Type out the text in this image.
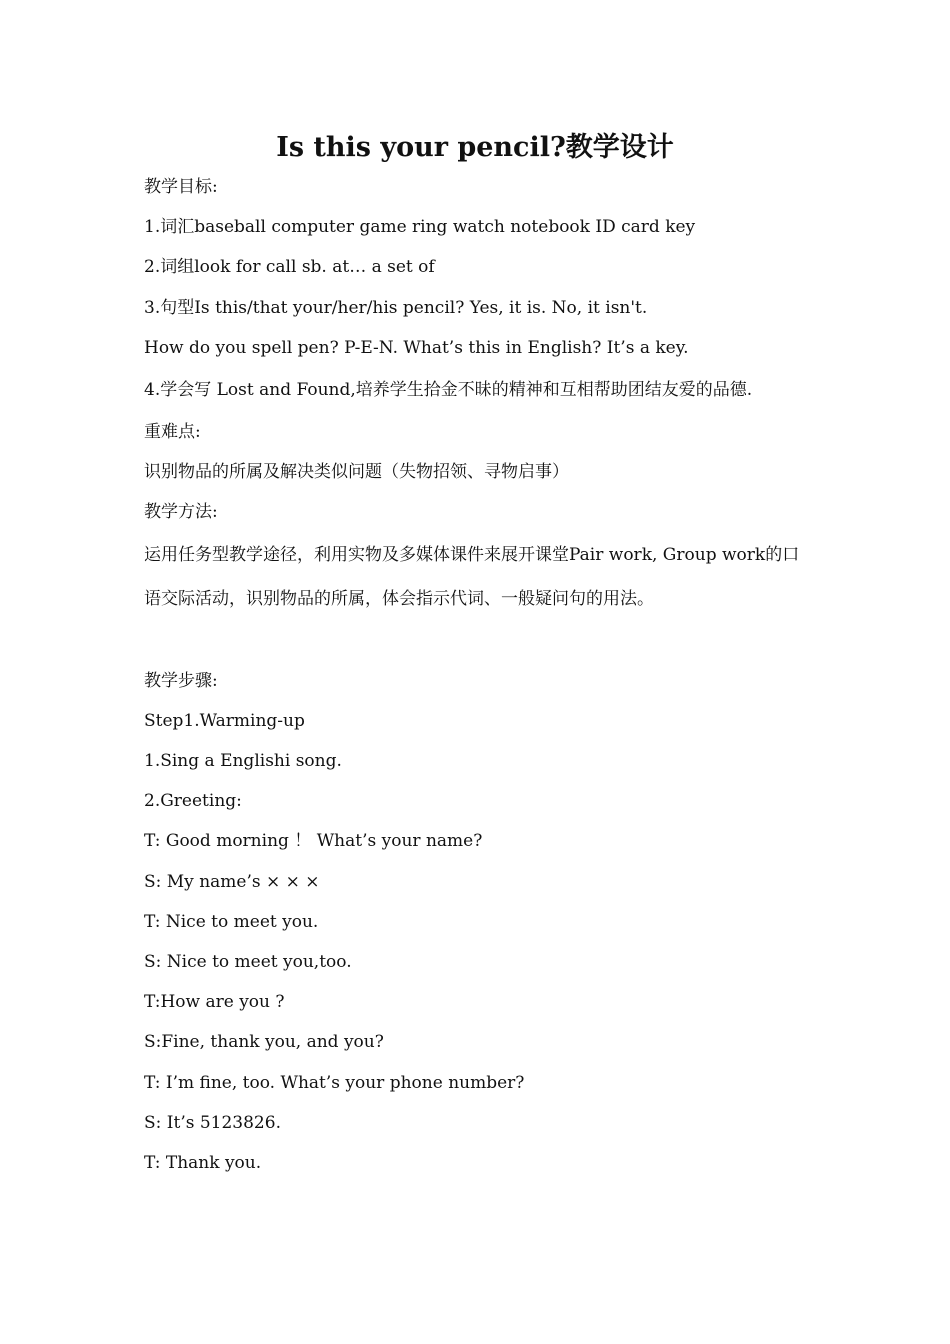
Is this your pencil?教学设计
教学目标:
1.词汇baseball computer game ring watch notebook ID card key
2.词组look for call sb. at… a set of
3.句型Is this/that your/her/his pencil? Yes, it is. No, it isn't.
How do you spell pen? P-E-N. What’s this in English? It’s a key.
4.学会写 Lost and Found,培养学生拾金不昧的精神和互相帮助团结友爱的品德.
重难点:
识别物品的所属及解决类似问题（失物招领、寻物启事）
教学方法:
运用任务型教学途径，利用实物及多媒体课件来展开课堂Pair work, Group work的口语交际活动，识别物品的所属，体会指示代词、一般疑问句的用法。
教学步骤:
Step1.Warming-up
1.Sing a Englishi song.
2.Greeting:
T: Good morning ！ What’s your name?
S: My name’s × × ×
T: Nice to meet you.
S: Nice to meet you,too.
T:How are you ?
S:Fine, thank you, and you?
T: I’m fine, too. What’s your phone number?
S: It’s 5123826.
T: Thank you.
